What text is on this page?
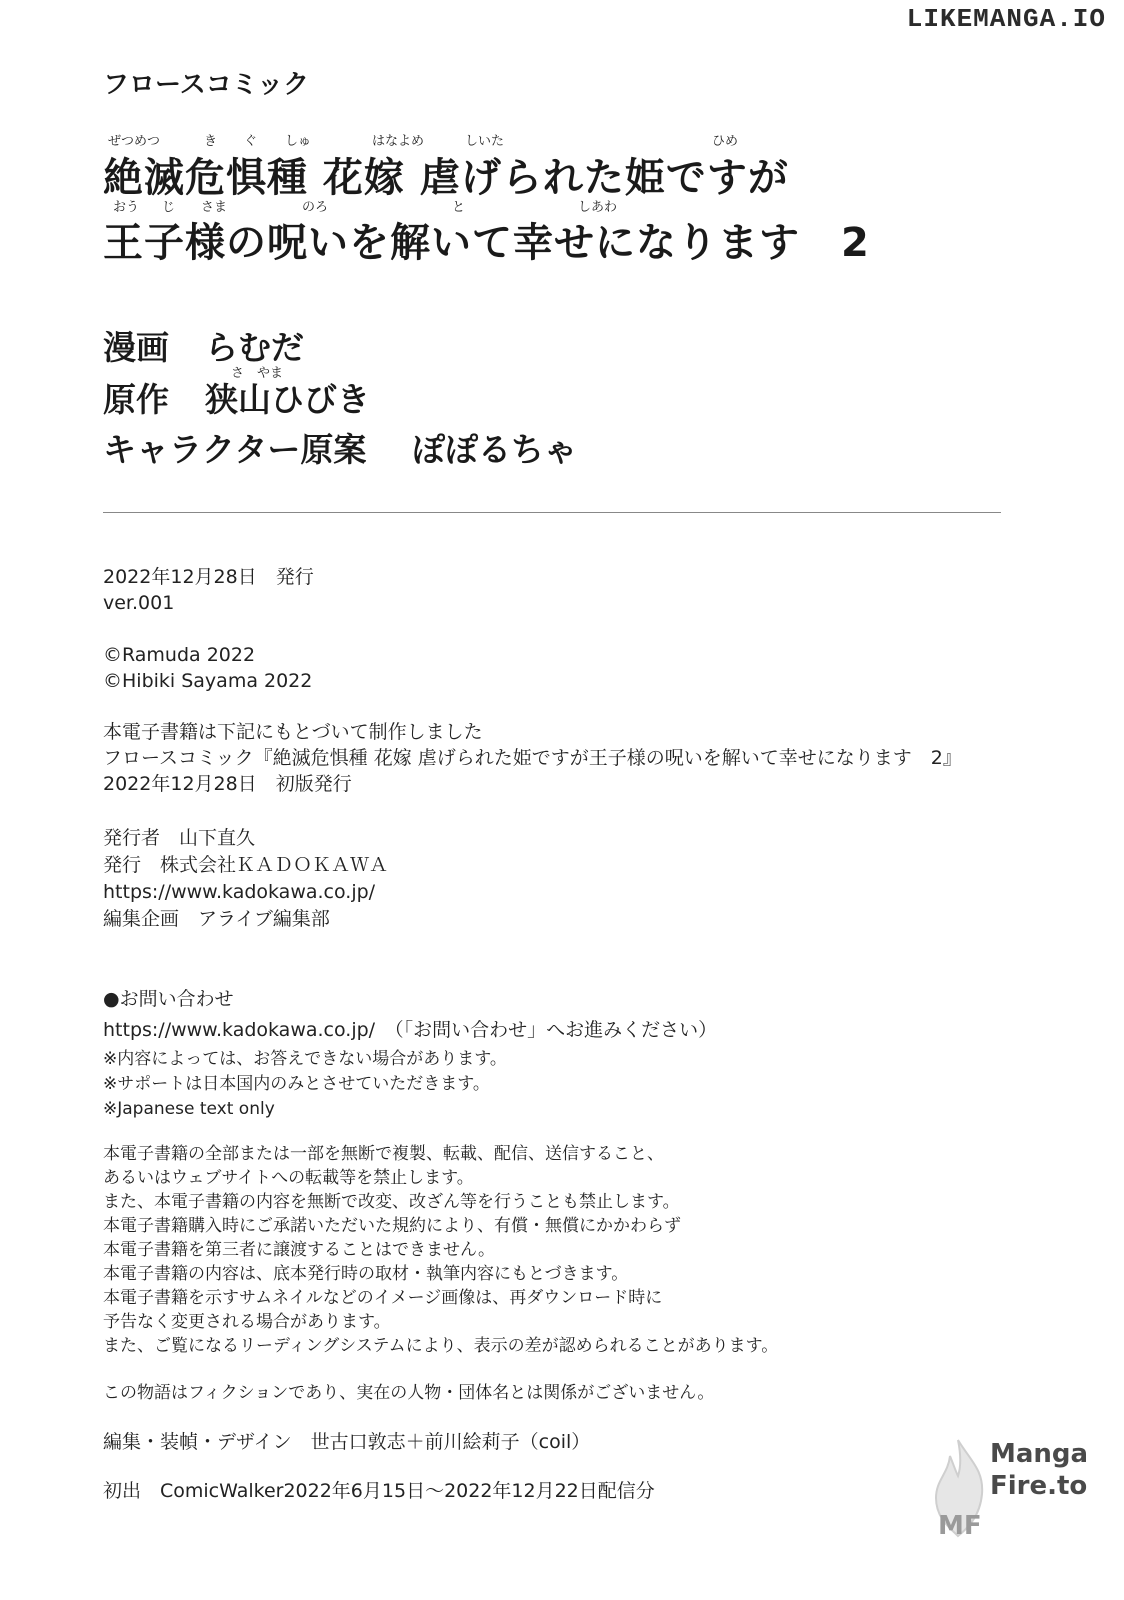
LIKEMANGA.IO
フロースコミック
ぜつめつ	き ぐ しゅ	はなよめ	しいた	ひめ
絶滅危惧種 花嫁 虐げられた姫ですが
おう じ さま	のろ	と	しあわ
王子様の呪いを解いて幸せになります　2
漫画 らむだ
さ　やま
原作 狭山ひびき
キャラクター原案 ぽぽるちゃ
2022年12月28日　発行
ver.001
©Ramuda 2022
©Hibiki Sayama 2022
本電子書籍は下記にもとづいて制作しました
フロースコミック『絶滅危惧種 花嫁 虐げられた姫ですが王子様の呪いを解いて幸せになります　2』
2022年12月28日　初版発行
発行者　山下直久
発行　株式会社ＫＡＤＯＫＡＷＡ
https://www.kadokawa.co.jp/
編集企画　アライブ編集部
●お問い合わせ
https://www.kadokawa.co.jp/　（「お問い合わせ」へお進みください）
※内容によっては、お答えできない場合があります。
※サポートは日本国内のみとさせていただきます。
※Japanese text only
本電子書籍の全部または一部を無断で複製、転載、配信、送信すること、
あるいはウェブサイトへの転載等を禁止します。
また、本電子書籍の内容を無断で改変、改ざん等を行うことも禁止します。
本電子書籍購入時にご承諾いただいた規約により、有償・無償にかかわらず
本電子書籍を第三者に譲渡することはできません。
本電子書籍の内容は、底本発行時の取材・執筆内容にもとづきます。
本電子書籍を示すサムネイルなどのイメージ画像は、再ダウンロード時に
予告なく変更される場合があります。
また、ご覧になるリーディングシステムにより、表示の差が認められることがあります。
この物語はフィクションであり、実在の人物・団体名とは関係がございません。
編集・装幀・デザイン　世古口敦志＋前川絵莉子（coil）
初出　ComicWalker2022年6月15日～2022年12月22日配信分
MF
Manga
Fire.to
